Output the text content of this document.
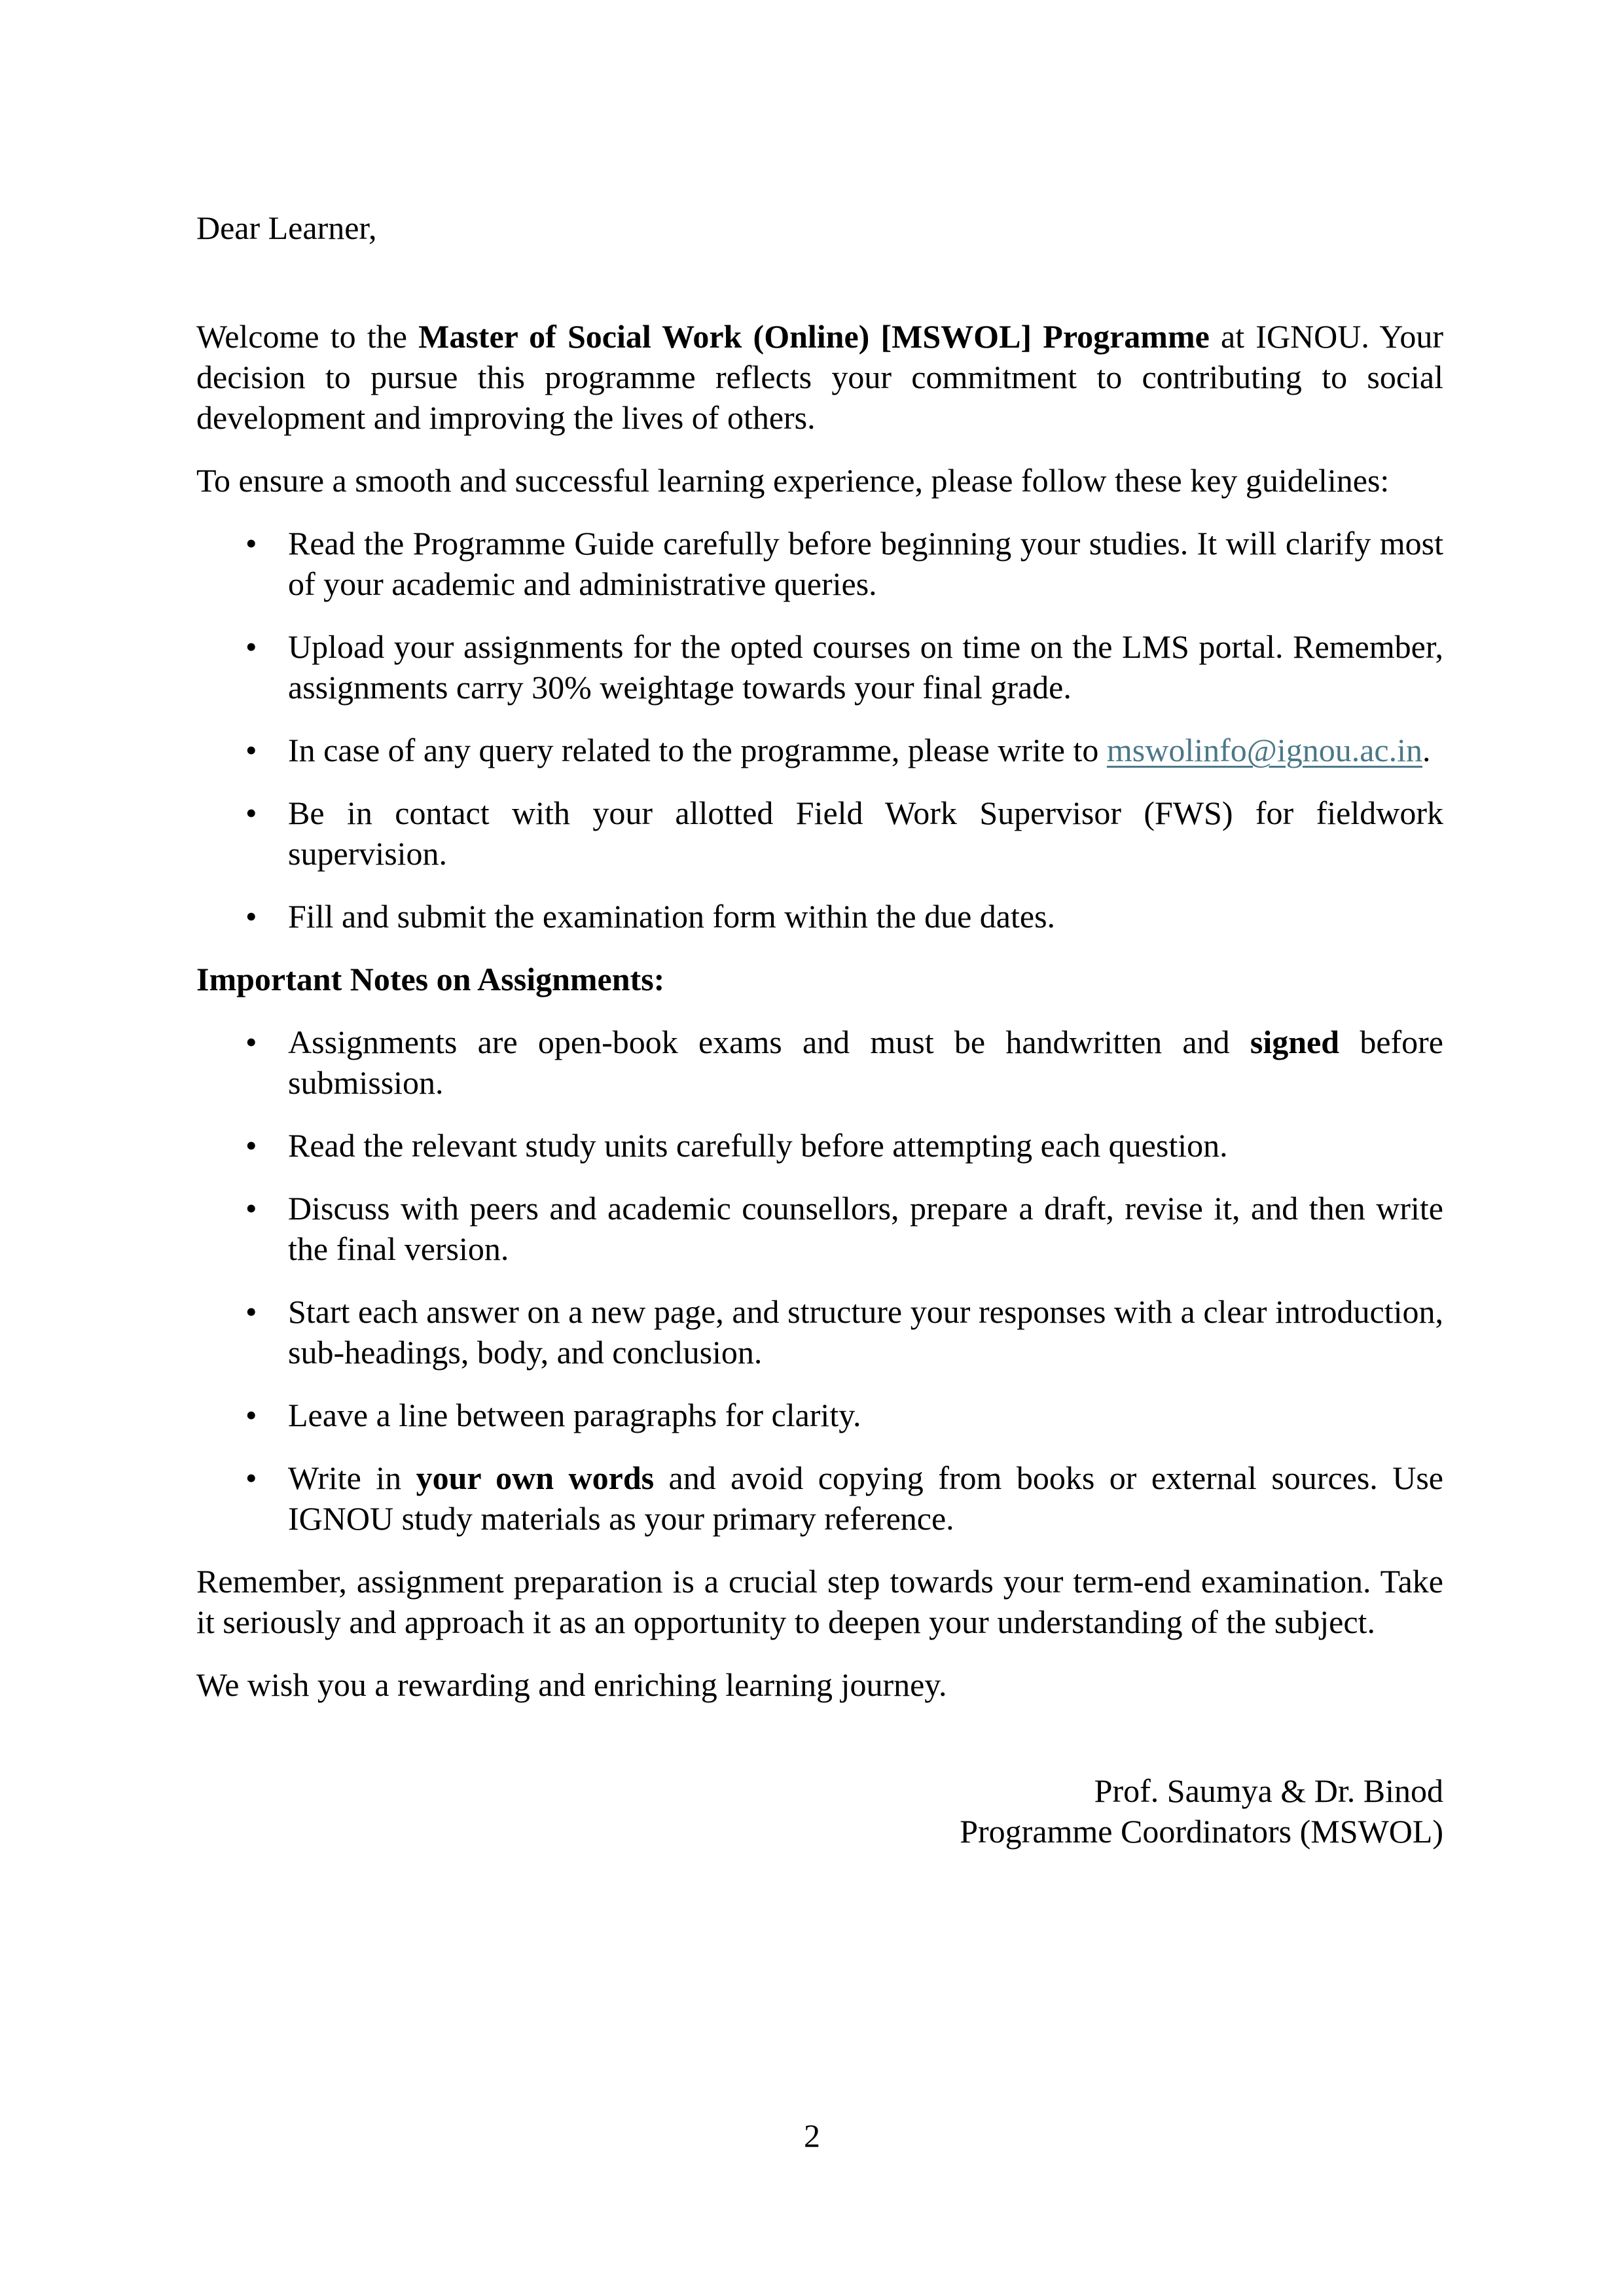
Dear Learner,

Welcome to the Master of Social Work (Online) [MSWOL] Programme at IGNOU. Your decision to pursue this programme reflects your commitment to contributing to social development and improving the lives of others.

To ensure a smooth and successful learning experience, please follow these key guidelines:

• Read the Programme Guide carefully before beginning your studies. It will clarify most of your academic and administrative queries.
• Upload your assignments for the opted courses on time on the LMS portal. Remember, assignments carry 30% weightage towards your final grade.
• In case of any query related to the programme, please write to mswolinfo@ignou.ac.in.
• Be in contact with your allotted Field Work Supervisor (FWS) for fieldwork supervision.
• Fill and submit the examination form within the due dates.

Important Notes on Assignments:

• Assignments are open-book exams and must be handwritten and signed before submission.
• Read the relevant study units carefully before attempting each question.
• Discuss with peers and academic counsellors, prepare a draft, revise it, and then write the final version.
• Start each answer on a new page, and structure your responses with a clear introduction, sub-headings, body, and conclusion.
• Leave a line between paragraphs for clarity.
• Write in your own words and avoid copying from books or external sources. Use IGNOU study materials as your primary reference.

Remember, assignment preparation is a crucial step towards your term-end examination. Take it seriously and approach it as an opportunity to deepen your understanding of the subject.

We wish you a rewarding and enriching learning journey.

Prof. Saumya & Dr. Binod
Programme Coordinators (MSWOL)

2
